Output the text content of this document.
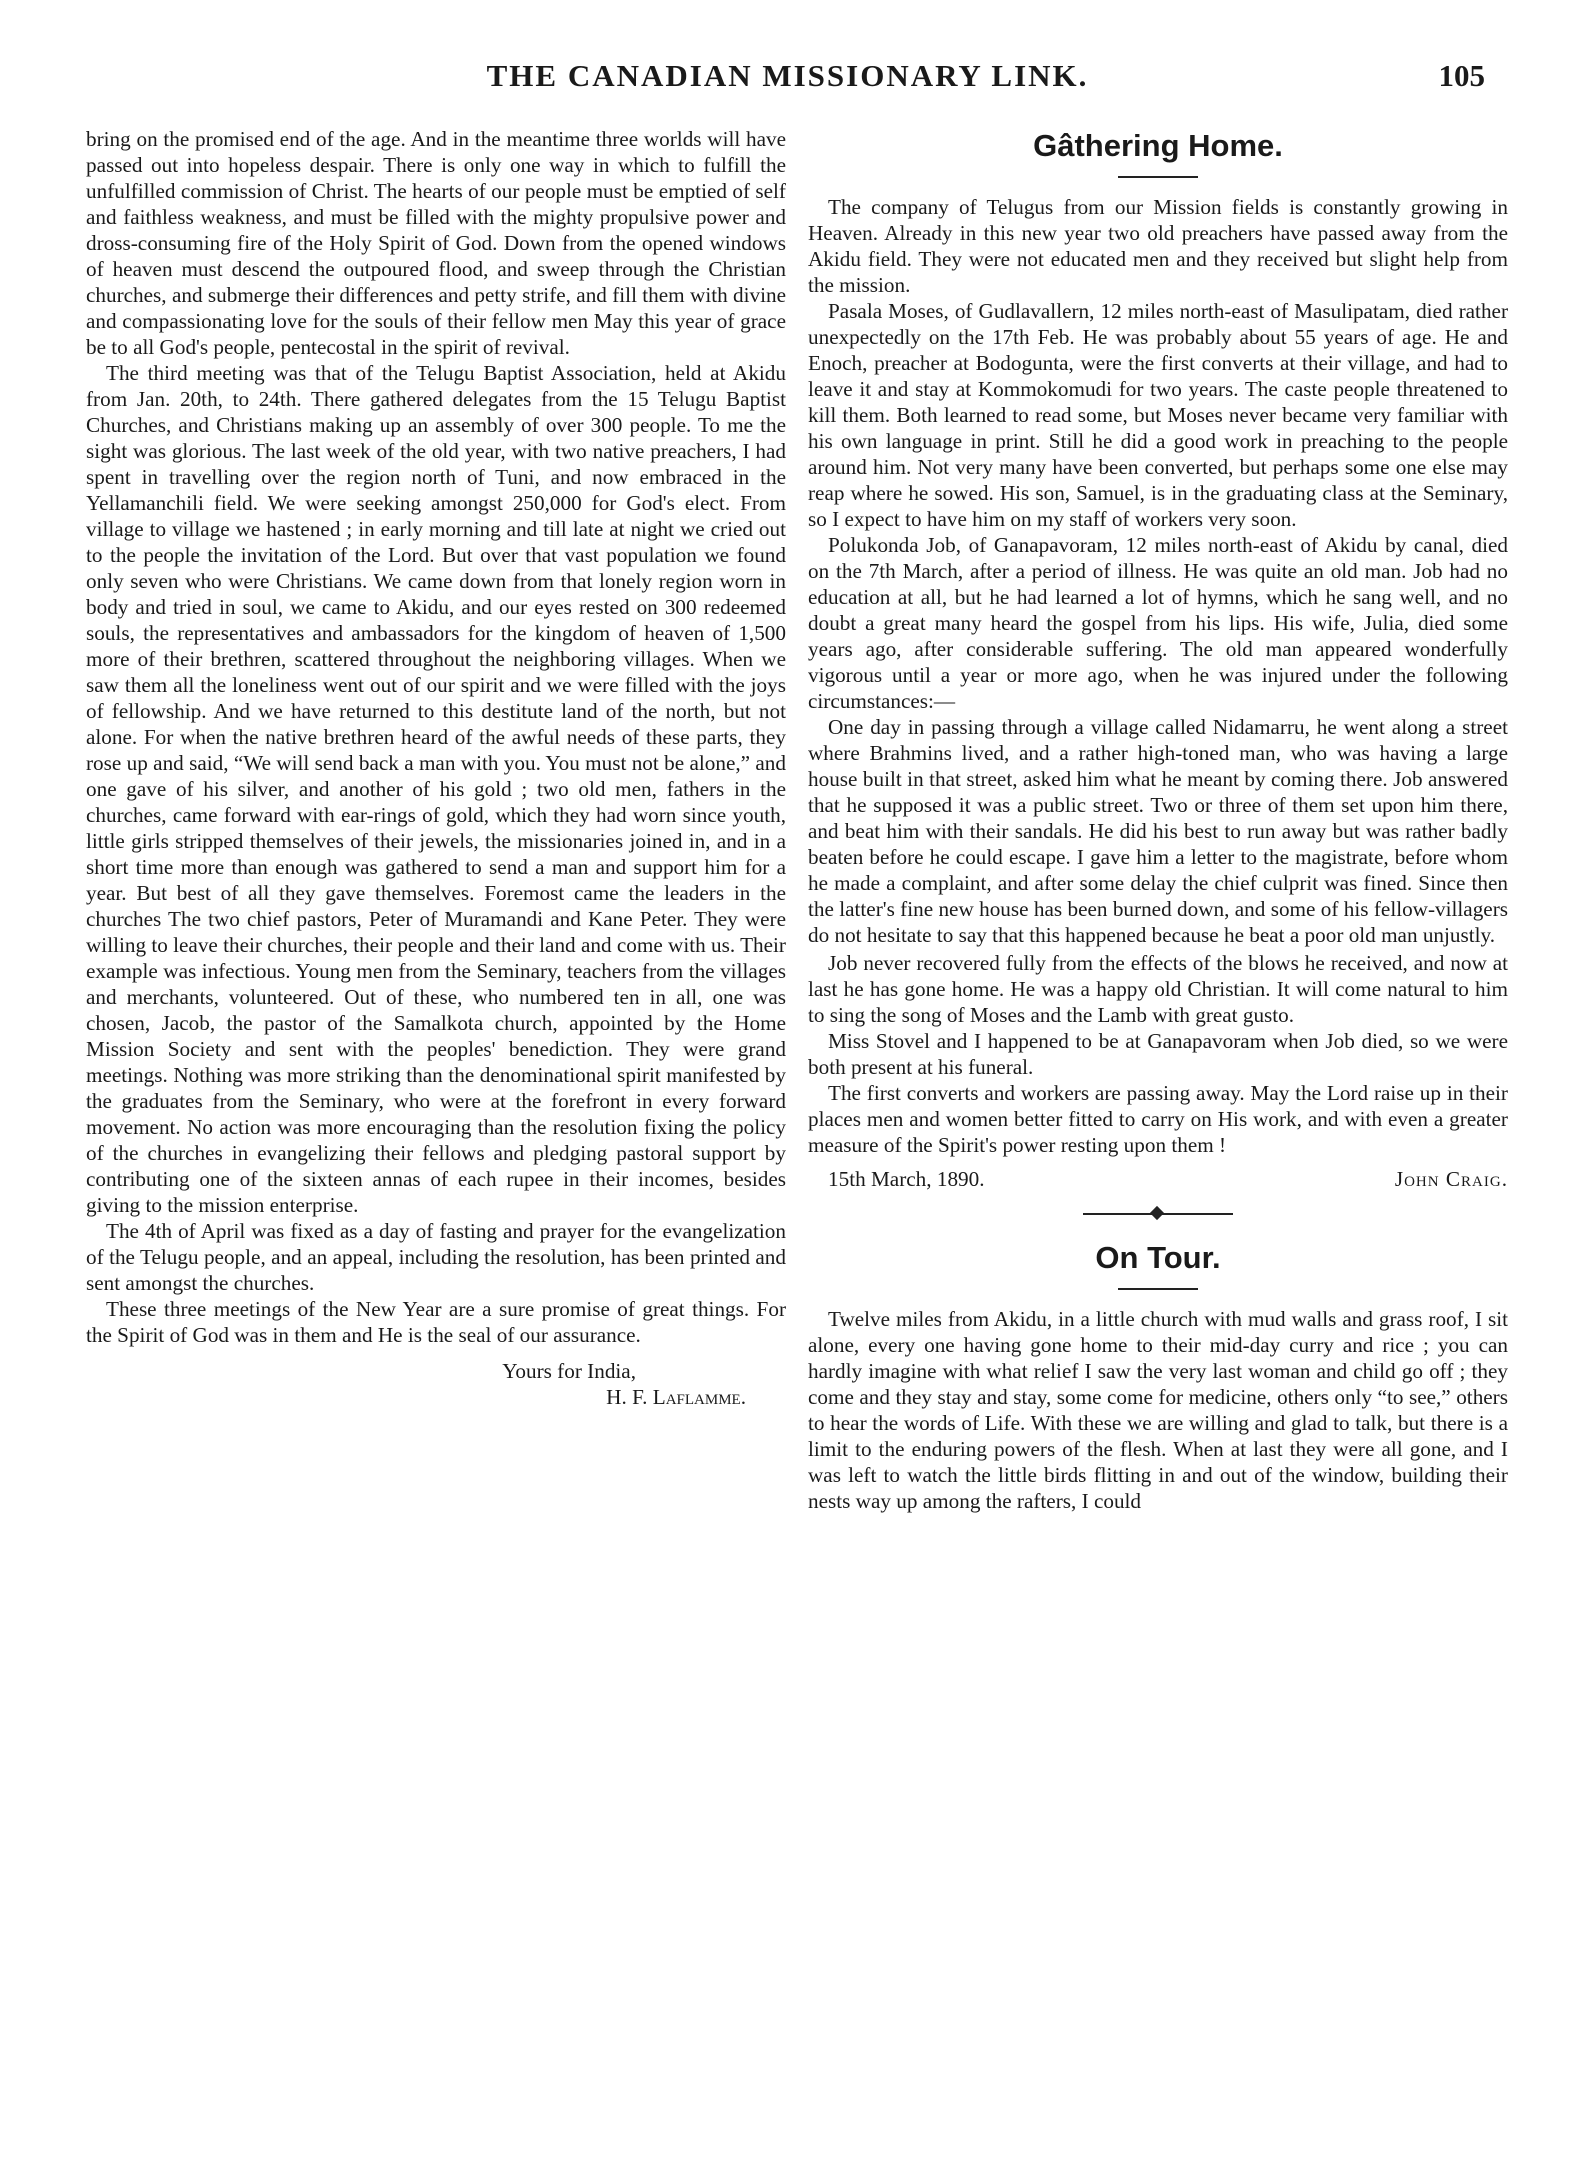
THE CANADIAN MISSIONARY LINK.	105

bring on the promised end of the age. And in the meantime three worlds will have passed out into hopeless despair. There is only one way in which to fulfill the unfulfilled commission of Christ. The hearts of our people must be emptied of self and faithless weakness, and must be filled with the mighty propulsive power and dross-consuming fire of the Holy Spirit of God. Down from the opened windows of heaven must descend the outpoured flood, and sweep through the Christian churches, and submerge their differences and petty strife, and fill them with divine and compassionating love for the souls of their fellow men May this year of grace be to all God's people, pentecostal in the spirit of revival.

The third meeting was that of the Telugu Baptist Association, held at Akidu from Jan. 20th, to 24th. There gathered delegates from the 15 Telugu Baptist Churches, and Christians making up an assembly of over 300 people. To me the sight was glorious. The last week of the old year, with two native preachers, I had spent in travelling over the region north of Tuni, and now embraced in the Yellamanchili field. We were seeking amongst 250,000 for God's elect. From village to village we hastened ; in early morning and till late at night we cried out to the people the invitation of the Lord. But over that vast population we found only seven who were Christians. We came down from that lonely region worn in body and tried in soul, we came to Akidu, and our eyes rested on 300 redeemed souls, the representatives and ambassadors for the kingdom of heaven of 1,500 more of their brethren, scattered throughout the neighboring villages. When we saw them all the loneliness went out of our spirit and we were filled with the joys of fellowship. And we have returned to this destitute land of the north, but not alone. For when the native brethren heard of the awful needs of these parts, they rose up and said, “We will send back a man with you. You must not be alone,” and one gave of his silver, and another of his gold ; two old men, fathers in the churches, came forward with ear-rings of gold, which they had worn since youth, little girls stripped themselves of their jewels, the missionaries joined in, and in a short time more than enough was gathered to send a man and support him for a year. But best of all they gave themselves. Foremost came the leaders in the churches The two chief pastors, Peter of Muramandi and Kane Peter. They were willing to leave their churches, their people and their land and come with us. Their example was infectious. Young men from the Seminary, teachers from the villages and merchants, volunteered. Out of these, who numbered ten in all, one was chosen, Jacob, the pastor of the Samalkota church, appointed by the Home Mission Society and sent with the peoples' benediction. They were grand meetings. Nothing was more striking than the denominational spirit manifested by the graduates from the Seminary, who were at the forefront in every forward movement. No action was more encouraging than the resolution fixing the policy of the churches in evangelizing their fellows and pledging pastoral support by contributing one of the sixteen annas of each rupee in their incomes, besides giving to the mission enterprise.

The 4th of April was fixed as a day of fasting and prayer for the evangelization of the Telugu people, and an appeal, including the resolution, has been printed and sent amongst the churches.

These three meetings of the New Year are a sure promise of great things. For the Spirit of God was in them and He is the seal of our assurance.

Yours for India,
H. F. Laflamme.
Gâthering Home.

The company of Telugus from our Mission fields is constantly growing in Heaven. Already in this new year two old preachers have passed away from the Akidu field. They were not educated men and they received but slight help from the mission.

Pasala Moses, of Gudlavallern, 12 miles north-east of Masulipatam, died rather unexpectedly on the 17th Feb. He was probably about 55 years of age. He and Enoch, preacher at Bodogunta, were the first converts at their village, and had to leave it and stay at Kommokomudi for two years. The caste people threatened to kill them. Both learned to read some, but Moses never became very familiar with his own language in print. Still he did a good work in preaching to the people around him. Not very many have been converted, but perhaps some one else may reap where he sowed. His son, Samuel, is in the graduating class at the Seminary, so I expect to have him on my staff of workers very soon.

Polukonda Job, of Ganapavoram, 12 miles north-east of Akidu by canal, died on the 7th March, after a period of illness. He was quite an old man. Job had no education at all, but he had learned a lot of hymns, which he sang well, and no doubt a great many heard the gospel from his lips. His wife, Julia, died some years ago, after considerable suffering. The old man appeared wonderfully vigorous until a year or more ago, when he was injured under the following circumstances:—

One day in passing through a village called Nidamarru, he went along a street where Brahmins lived, and a rather high-toned man, who was having a large house built in that street, asked him what he meant by coming there. Job answered that he supposed it was a public street. Two or three of them set upon him there, and beat him with their sandals. He did his best to run away but was rather badly beaten before he could escape. I gave him a letter to the magistrate, before whom he made a complaint, and after some delay the chief culprit was fined. Since then the latter's fine new house has been burned down, and some of his fellow-villagers do not hesitate to say that this happened because he beat a poor old man unjustly.

Job never recovered fully from the effects of the blows he received, and now at last he has gone home. He was a happy old Christian. It will come natural to him to sing the song of Moses and the Lamb with great gusto.

Miss Stovel and I happened to be at Ganapavoram when Job died, so we were both present at his funeral.

The first converts and workers are passing away. May the Lord raise up in their places men and women better fitted to carry on His work, and with even a greater measure of the Spirit's power resting upon them !

15th March, 1890.	John Craig.
On Tour.

Twelve miles from Akidu, in a little church with mud walls and grass roof, I sit alone, every one having gone home to their mid-day curry and rice ; you can hardly imagine with what relief I saw the very last woman and child go off ; they come and they stay and stay, some come for medicine, others only “to see,” others to hear the words of Life. With these we are willing and glad to talk, but there is a limit to the enduring powers of the flesh. When at last they were all gone, and I was left to watch the little birds flitting in and out of the window, building their nests way up among the rafters, I could
